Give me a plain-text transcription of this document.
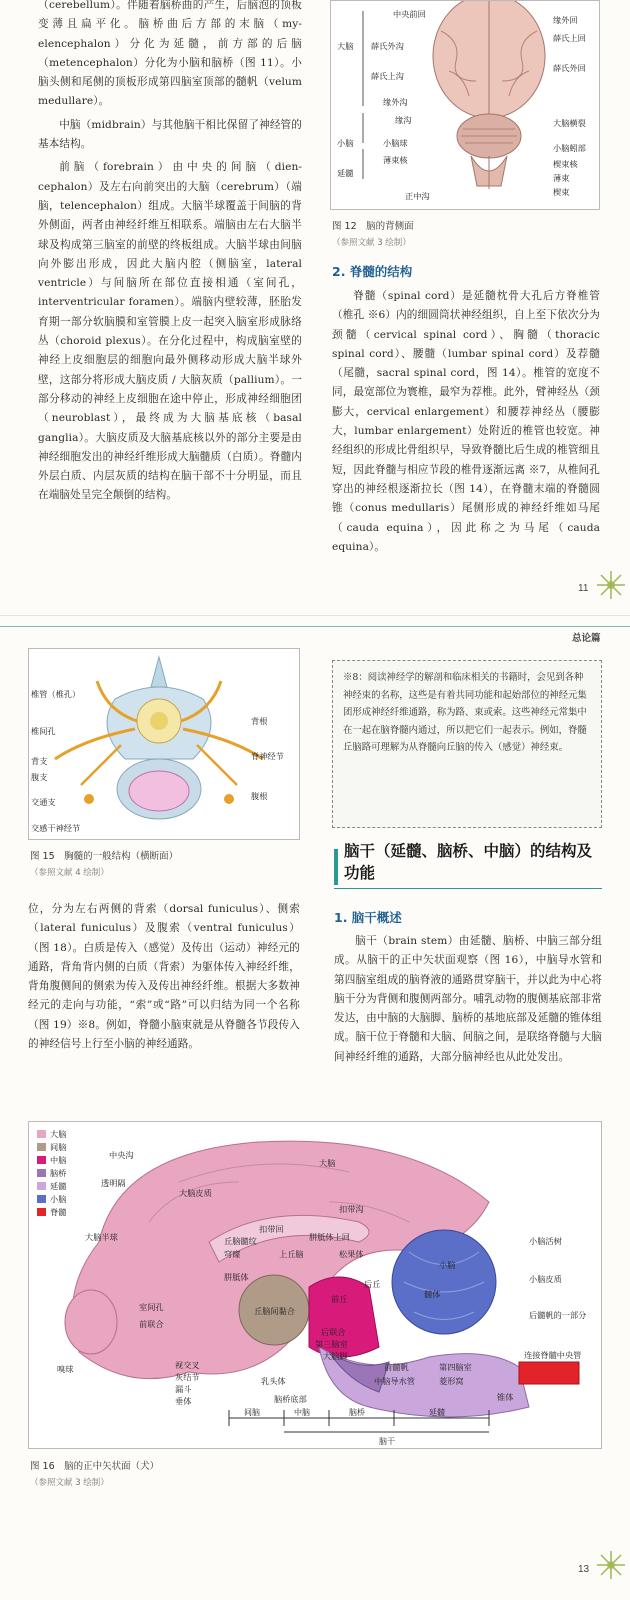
（cerebellum）。伴随着脑桥曲的产生，后脑泡的顶板变薄且扁平化。脑桥曲后方部的末脑（myelencephalon）分化为延髓，前方部的后脑（metencephalon）分化为小脑和脑桥（图 11）。小脑头侧和尾侧的顶板形成第四脑室顶部的髓帆（velum medullare）。

中脑（midbrain）与其他脑干相比保留了神经管的基本结构。

前脑（forebrain）由中央的间脑（diencephalon）及左右向前突出的大脑（cerebrum）（端脑，telencephalon）组成。大脑半球覆盖于间脑的背外侧面，两者由神经纤维互相联系。端脑由左右大脑半球及构成第三脑室的前壁的终板组成。大脑半球由间脑向外膨出形成，因此大脑内腔（侧脑室，lateral ventricle）与间脑所在部位直接相通（室间孔，interventricular foramen）。端脑内壁较薄，胚胎发育期一部分软脑膜和室管膜上皮一起突入脑室形成脉络丛（choroid plexus）。在分化过程中，构成脑室壁的神经上皮细胞层的细胞向最外侧移动形成大脑半球外壁，这部分将形成大脑皮质 / 大脑灰质（pallium）。一部分移动的神经上皮细胞在途中停止，形成神经细胞团（neuroblast），最终成为大脑基底核（basal ganglia）。大脑皮质及大脑基底核以外的部分主要是由神经细胞发出的神经纤维形成大脑髓质（白质）。脊髓内外层白质、内层灰质的结构在脑干部不十分明显，而且在端脑处呈完全颠倒的结构。

中央前回
大脑 薛氏外沟
薛氏上沟
缘外沟
缘沟
小脑	小脑球
延髓
薄束核
正中沟
缘外回
薛氏上回
薛氏外回
大脑横裂
小脑蚓部
楔束核
薄束
楔束
图 12　脑的背侧面
（参照文献 3 绘制）
2. 脊髓的结构

脊髓（spinal cord）是延髓枕骨大孔后方脊椎管（椎孔 ※6）内的细圆筒状神经组织，自上至下依次分为颈髓（cervical spinal cord）、胸髓（thoracic spinal cord）、腰髓（lumbar spinal cord）及荐髓（尾髓，sacral spinal cord，图 14）。椎管的宽度不同，最宽部位为寰椎，最窄为荐椎。此外，臂神经丛（颈膨大，cervical enlargement）和腰荐神经丛（腰膨大，lumbar enlargement）处附近的椎管也较宽。神经组织的形成比骨组织早，导致脊髓比后生成的椎管细且短，因此脊髓与相应节段的椎骨逐渐远离 ※7，从椎间孔穿出的神经根逐渐拉长（图 14），在脊髓末端的脊髓圆锥（conus medullaris）尾侧形成的神经纤维如马尾（cauda equina），因此称之为马尾（cauda equina）。

11
总论篇
椎管（椎孔）
椎间孔
背支
腹支
交通支
交感干神经节
背根
脊神经节
腹根
图 15　胸髓的一般结构（横断面）
（参照文献 4 绘制）
※8：阅读神经学的解剖和临床相关的书籍时，会见到各种神经束的名称，这些是有着共同功能和起始部位的神经元集团形成神经纤维通路，称为路、束或索。这些神经元常集中在一起在脑脊髓内通过，所以把它们一起表示。例如，脊髓丘脑路可理解为从脊髓向丘脑的传入（感觉）神经束。
脑干（延髓、脑桥、中脑）的结构及功能

位，分为左右两侧的背索（dorsal funiculus）、侧索（lateral funiculus）及腹索（ventral funiculus）（图 18）。白质是传入（感觉）及传出（运动）神经元的通路，背角背内侧的白质（背索）为躯体传入神经纤维，背角腹侧间的侧索为传入及传出神经纤维。根据大多数神经元的走向与功能，“索”或“路”可以归结为同一个名称（图 19）※8。例如，脊髓小脑束就是从脊髓各节段传入的神经信号上行至小脑的神经通路。

1. 脑干概述

脑干（brain stem）由延髓、脑桥、中脑三部分组成。从脑干的正中矢状面观察（图 16），中脑导水管和第四脑室组成的脑脊液的通路贯穿脑干，并以此为中心将脑干分为背侧和腹侧两部分。哺乳动物的腹侧基底部非常发达，由中脑的大脑脚、脑桥的基地底部及延髓的锥体组成。脑干位于脊髓和大脑、间脑之间，是联络脊髓与大脑间神经纤维的通路，大部分脑神经也从此处发出。

大脑
间脑
中脑
脑桥
延髓
小脑
脊髓
间脑	中脑	脑桥	延髓
脑干
中央沟
透明隔
大脑
大脑皮质
扣带沟
扣带回
胼胝体上回
大脑半球	丘脑髓纹
穹窿	上丘脑	松果体
胼胝体
后丘
小脑活树
小脑皮质
室间孔
前联合
丘脑间黏合
前丘
后联合
第三脑室
大脑脚
小脑
髓体
后髓帆的一部分
嗅球	视交叉
灰结节
漏斗
垂体
乳头体
脑桥底部
前髓帆
中脑导水管
第四脑室
菱形窝
连接脊髓中央管
锥体
图 16　脑的正中矢状面（犬）
（参照文献 3 绘制）
13
